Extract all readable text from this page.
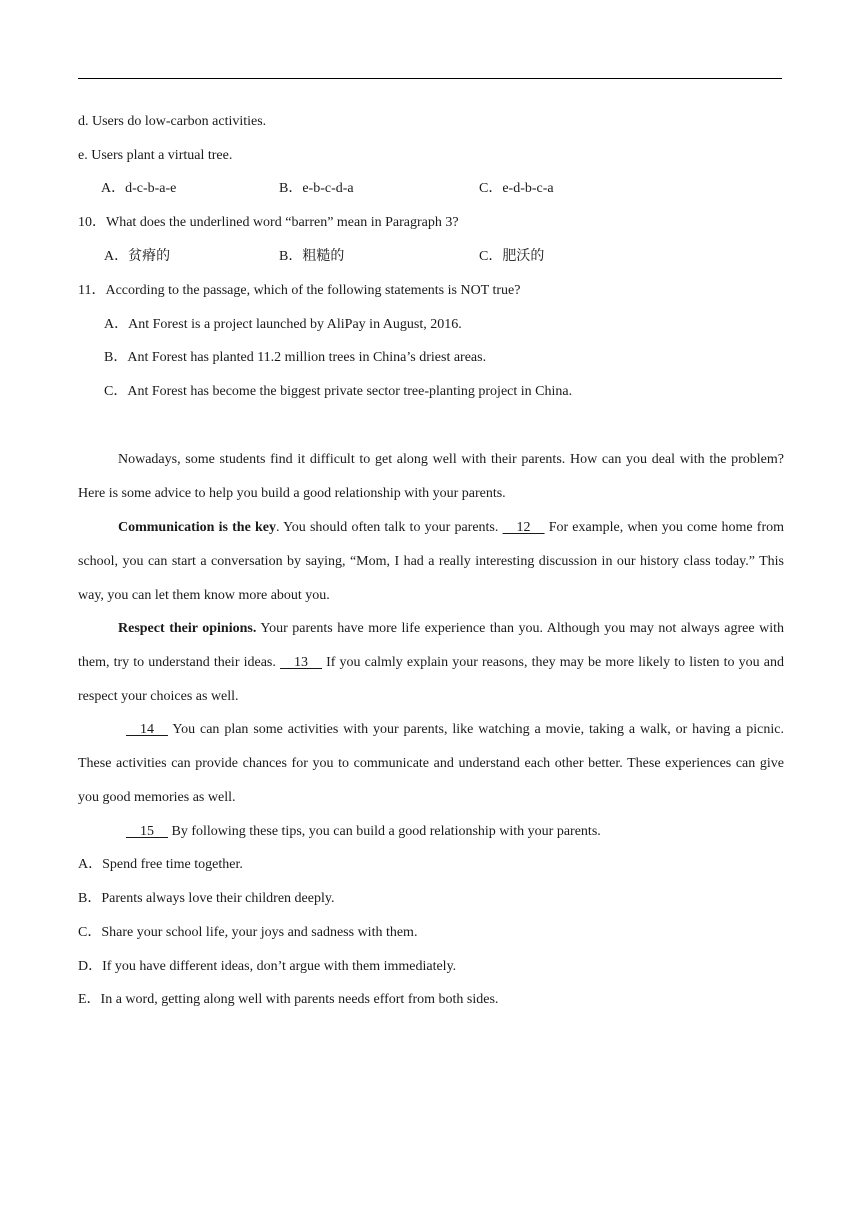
d. Users do low-carbon activities.
e. Users plant a virtual tree.
A．d-c-b-a-e	B．e-b-c-d-a	C．e-d-b-c-a
10．What does the underlined word “barren” mean in Paragraph 3?
A．贫瘠的	B．粗糙的	C．肥沃的
11．According to the passage, which of the following statements is NOT true?
A．Ant Forest is a project launched by AliPay in August, 2016.
B．Ant Forest has planted 11.2 million trees in China’s driest areas.
C．Ant Forest has become the biggest private sector tree-planting project in China.
Nowadays, some students find it difficult to get along well with their parents. How can you deal with the problem? Here is some advice to help you build a good relationship with your parents.
Communication is the key. You should often talk to your parents.     12     For example, when you come home from school, you can start a conversation by saying, “Mom, I had a really interesting discussion in our history class today.” This way, you can let them know more about you.
Respect their opinions. Your parents have more life experience than you. Although you may not always agree with them, try to understand their ideas.     13     If you calmly explain your reasons, they may be more likely to listen to you and respect your choices as well.
14     You can plan some activities with your parents, like watching a movie, taking a walk, or having a picnic. These activities can provide chances for you to communicate and understand each other better. These experiences can give you good memories as well.
15     By following these tips, you can build a good relationship with your parents.
A．Spend free time together.
B．Parents always love their children deeply.
C．Share your school life, your joys and sadness with them.
D．If you have different ideas, don’t argue with them immediately.
E．In a word, getting along well with parents needs effort from both sides.
